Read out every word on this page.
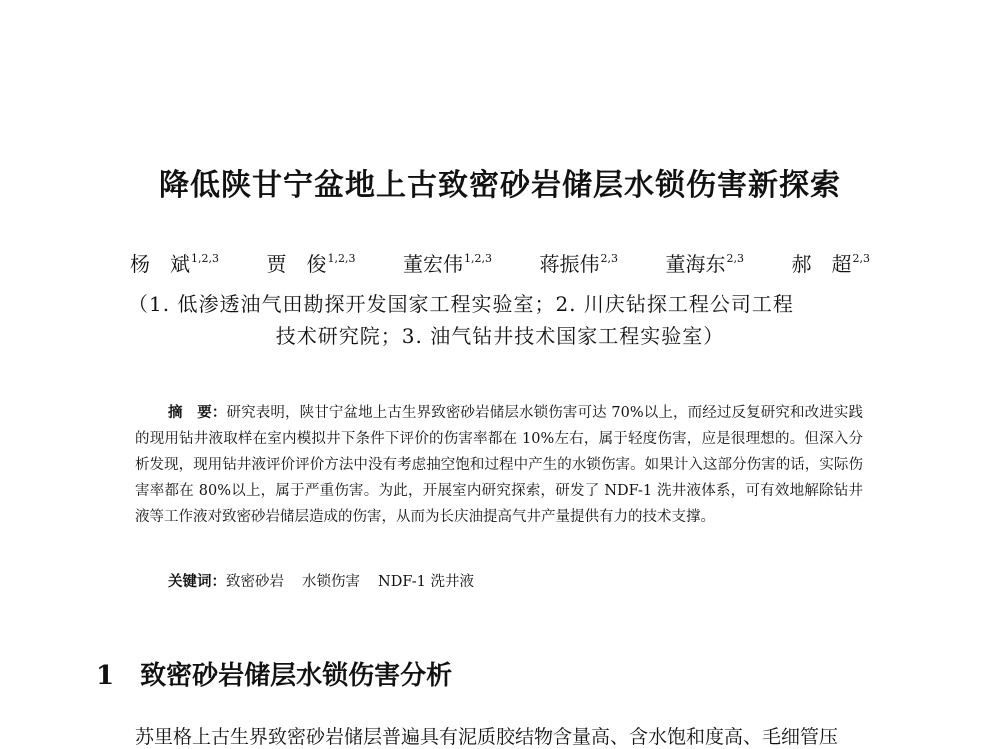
降低陕甘宁盆地上古致密砂岩储层水锁伤害新探索
杨　斌$^{1,2,3}$ 贾　俊$^{1,2,3}$ 董宏伟$^{1,2,3}$ 蒋振伟$^{2,3}$ 董海东$^{2,3}$ 郝　超$^{2,3}$
（1. 低渗透油气田勘探开发国家工程实验室；2. 川庆钻探工程公司工程
技术研究院；3. 油气钻井技术国家工程实验室）
摘　要：研究表明，陕甘宁盆地上古生界致密砂岩储层水锁伤害可达 70%以上，而经过反复研究和改进实践的现用钻井液取样在室内模拟井下条件下评价的伤害率都在 10%左右，属于轻度伤害，应是很理想的。但深入分析发现，现用钻井液评价评价方法中没有考虑抽空饱和过程中产生的水锁伤害。如果计入这部分伤害的话，实际伤害率都在 80%以上，属于严重伤害。为此，开展室内研究探索，研发了 NDF-1 洗井液体系，可有效地解除钻井液等工作液对致密砂岩储层造成的伤害，从而为长庆油提高气井产量提供有力的技术支撑。
关键词：致密砂岩 水锁伤害 NDF-1 洗井液
1 致密砂岩储层水锁伤害分析
苏里格上古生界致密砂岩储层普遍具有泥质胶结物含量高、含水饱和度高、毛细管压
